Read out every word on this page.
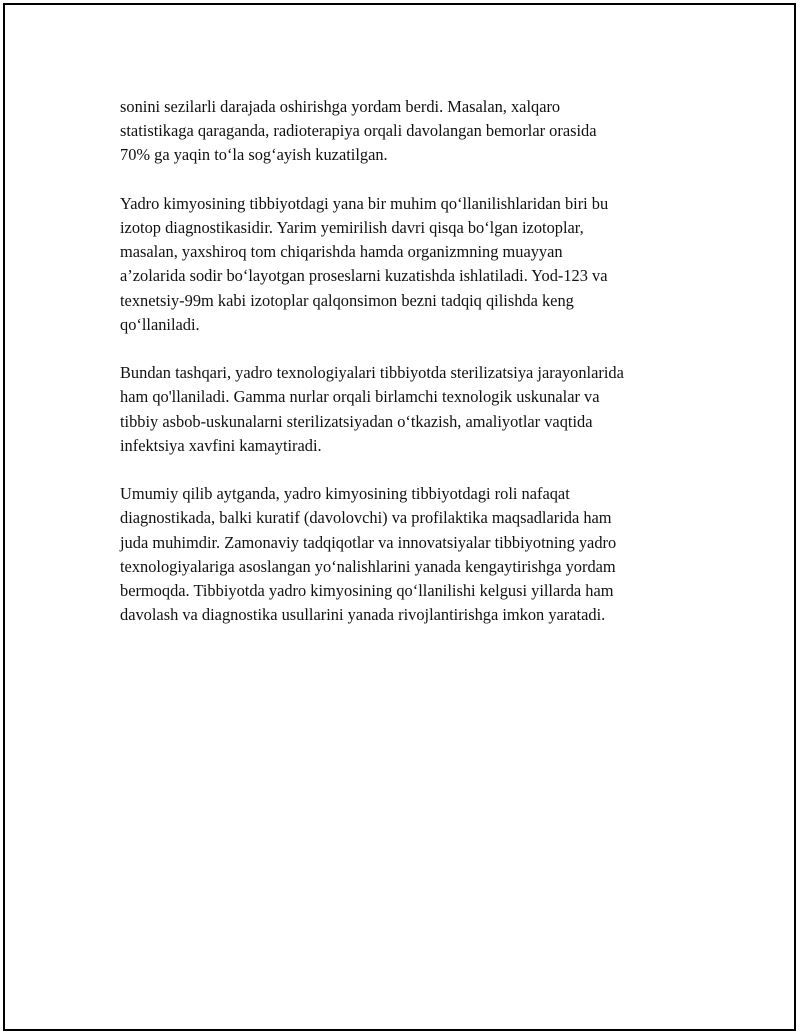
sonini sezilarli darajada oshirishga yordam berdi. Masalan, xalqaro
statistikaga qaraganda, radioterapiya orqali davolangan bemorlar orasida
70% ga yaqin to‘la sog‘ayish kuzatilgan.

Yadro kimyosining tibbiyotdagi yana bir muhim qo‘llanilishlaridan biri bu
izotop diagnostikasidir. Yarim yemirilish davri qisqa bo‘lgan izotoplar,
masalan, yaxshiroq tom chiqarishda hamda organizmning muayyan
a’zolarida sodir bo‘layotgan proseslarni kuzatishda ishlatiladi. Yod-123 va
texnetsiy-99m kabi izotoplar qalqonsimon bezni tadqiq qilishda keng
qo‘llaniladi.

Bundan tashqari, yadro texnologiyalari tibbiyotda sterilizatsiya jarayonlarida
ham qo'llaniladi. Gamma nurlar orqali birlamchi texnologik uskunalar va
tibbiy asbob-uskunalarni sterilizatsiyadan o‘tkazish, amaliyotlar vaqtida
infektsiya xavfini kamaytiradi.

Umumiy qilib aytganda, yadro kimyosining tibbiyotdagi roli nafaqat
diagnostikada, balki kuratif (davolovchi) va profilaktika maqsadlarida ham
juda muhimdir. Zamonaviy tadqiqotlar va innovatsiyalar tibbiyotning yadro
texnologiyalariga asoslangan yo‘nalishlarini yanada kengaytirishga yordam
bermoqda. Tibbiyotda yadro kimyosining qo‘llanilishi kelgusi yillarda ham
davolash va diagnostika usullarini yanada rivojlantirishga imkon yaratadi.
